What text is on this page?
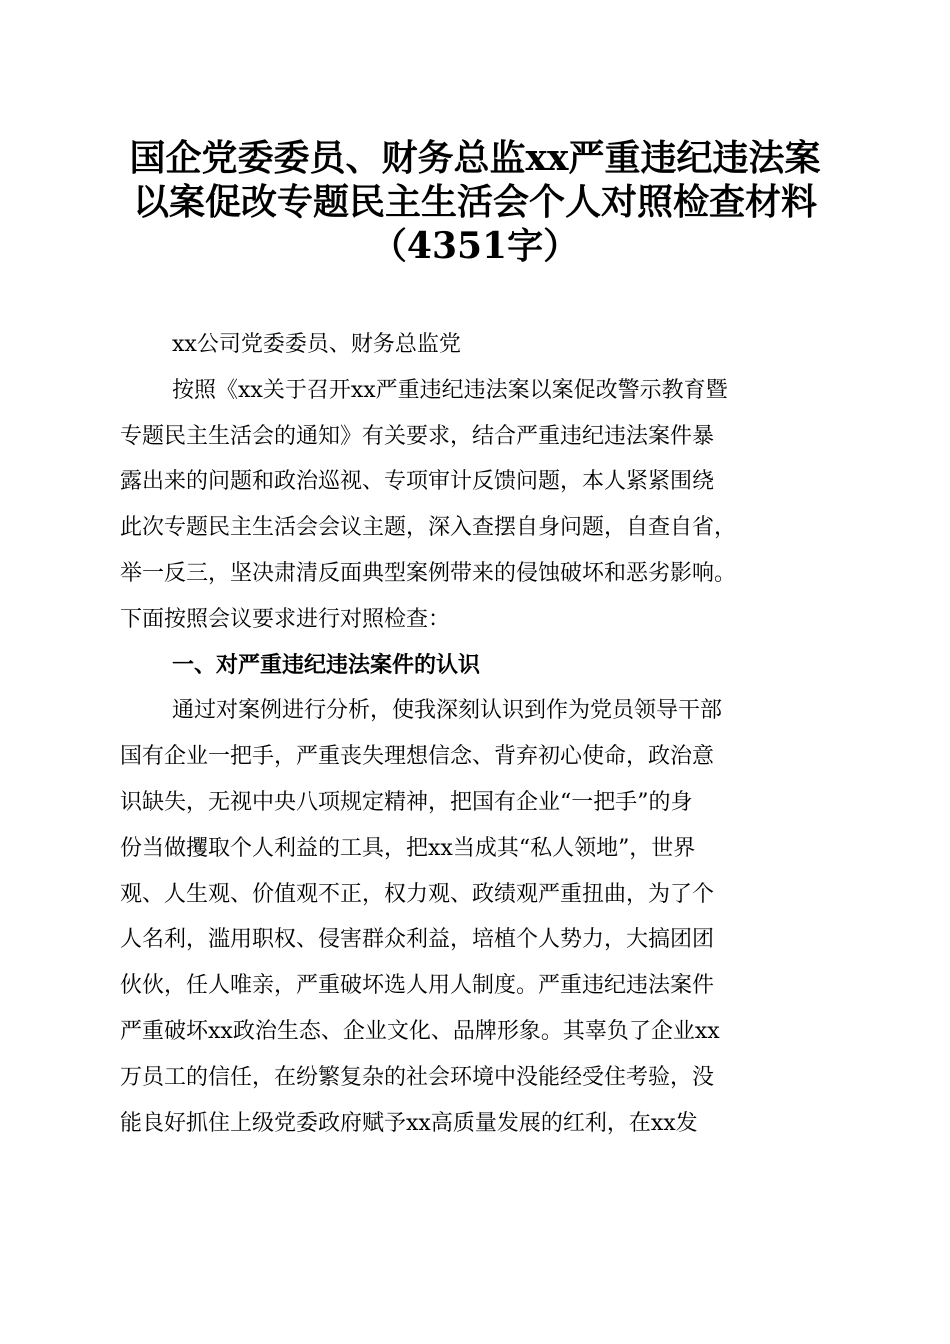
国企党委委员、财务总监xx严重违纪违法案
以案促改专题民主生活会个人对照检查材料
（4351字）
xx公司党委委员、财务总监党
按照《xx关于召开xx严重违纪违法案以案促改警示教育暨
专题民主生活会的通知》有关要求，结合严重违纪违法案件暴
露出来的问题和政治巡视、专项审计反馈问题，本人紧紧围绕
此次专题民主生活会会议主题，深入查摆自身问题，自查自省，
举一反三，坚决肃清反面典型案例带来的侵蚀破坏和恶劣影响。
下面按照会议要求进行对照检查：
一、对严重违纪违法案件的认识
通过对案例进行分析，使我深刻认识到作为党员领导干部
国有企业一把手，严重丧失理想信念、背弃初心使命，政治意
识缺失，无视中央八项规定精神，把国有企业“一把手”的身
份当做攫取个人利益的工具，把xx当成其“私人领地”，世界
观、人生观、价值观不正，权力观、政绩观严重扭曲，为了个
人名利，滥用职权、侵害群众利益，培植个人势力，大搞团团
伙伙，任人唯亲，严重破坏选人用人制度。严重违纪违法案件
严重破坏xx政治生态、企业文化、品牌形象。其辜负了企业xx
万员工的信任，在纷繁复杂的社会环境中没能经受住考验，没
能良好抓住上级党委政府赋予xx高质量发展的红利，在xx发
